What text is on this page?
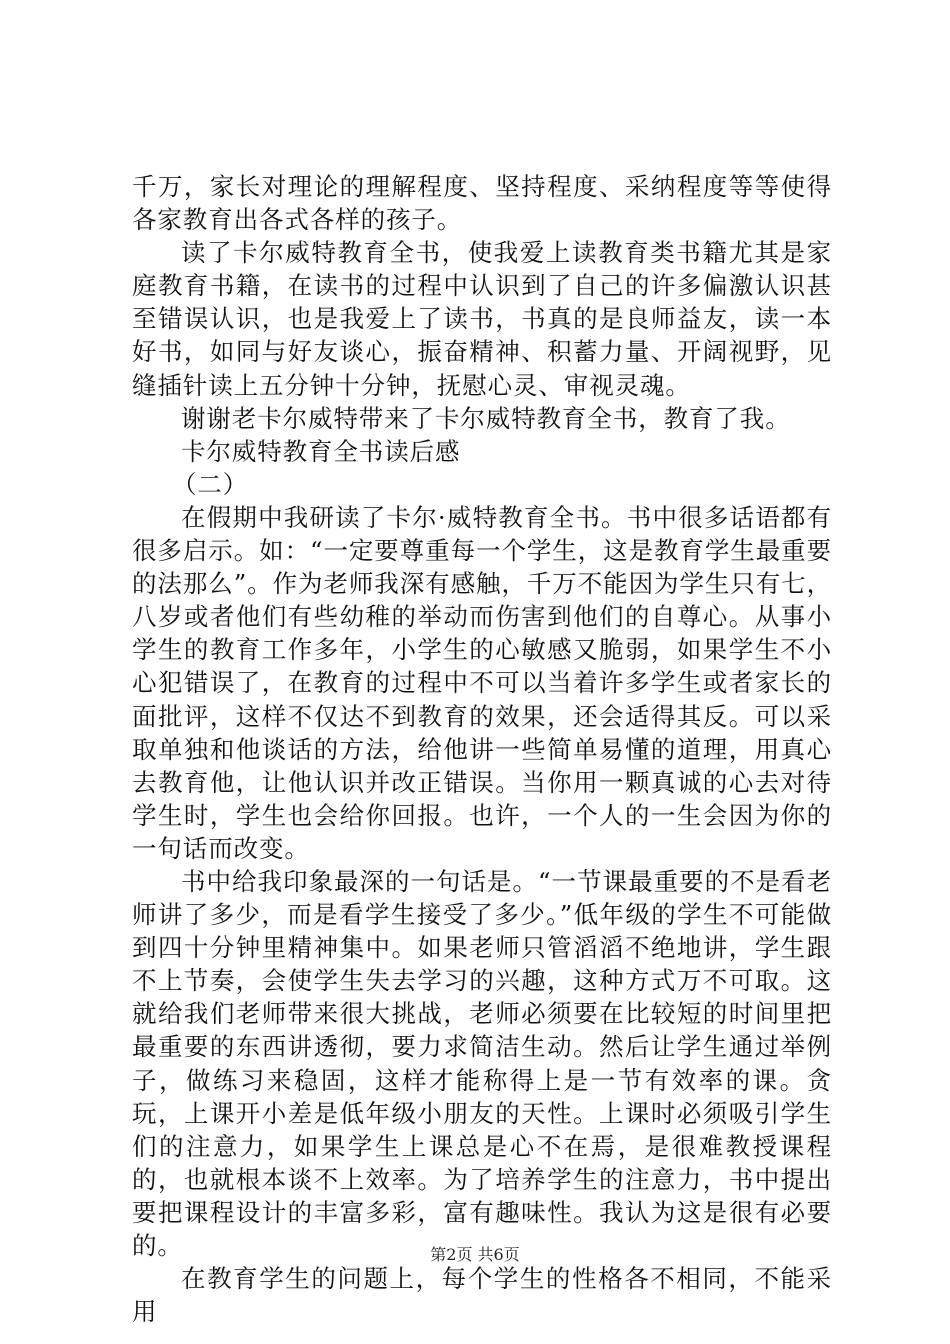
千万，家长对理论的理解程度、坚持程度、采纳程度等等使得各家教育出各式各样的孩子。

读了卡尔威特教育全书，使我爱上读教育类书籍尤其是家庭教育书籍，在读书的过程中认识到了自己的许多偏激认识甚至错误认识，也是我爱上了读书，书真的是良师益友，读一本好书，如同与好友谈心，振奋精神、积蓄力量、开阔视野，见缝插针读上五分钟十分钟，抚慰心灵、审视灵魂。

谢谢老卡尔威特带来了卡尔威特教育全书，教育了我。

卡尔威特教育全书读后感

（二）

在假期中我研读了卡尔·威特教育全书。书中很多话语都有很多启示。如：“一定要尊重每一个学生，这是教育学生最重要的法那么”。作为老师我深有感触，千万不能因为学生只有七，八岁或者他们有些幼稚的举动而伤害到他们的自尊心。从事小学生的教育工作多年，小学生的心敏感又脆弱，如果学生不小心犯错误了，在教育的过程中不可以当着许多学生或者家长的面批评，这样不仅达不到教育的效果，还会适得其反。可以采取单独和他谈话的方法，给他讲一些简单易懂的道理，用真心去教育他，让他认识并改正错误。当你用一颗真诚的心去对待学生时，学生也会给你回报。也许，一个人的一生会因为你的一句话而改变。

书中给我印象最深的一句话是。“一节课最重要的不是看老师讲了多少，而是看学生接受了多少。”低年级的学生不可能做到四十分钟里精神集中。如果老师只管滔滔不绝地讲，学生跟不上节奏，会使学生失去学习的兴趣，这种方式万不可取。这就给我们老师带来很大挑战，老师必须要在比较短的时间里把最重要的东西讲透彻，要力求简洁生动。然后让学生通过举例子，做练习来稳固，这样才能称得上是一节有效率的课。贪玩，上课开小差是低年级小朋友的天性。上课时必须吸引学生们的注意力，如果学生上课总是心不在焉，是很难教授课程的，也就根本谈不上效率。为了培养学生的注意力，书中提出要把课程设计的丰富多彩，富有趣味性。我认为这是很有必要的。

在教育学生的问题上，每个学生的性格各不相同，不能采用

第2页 共6页
